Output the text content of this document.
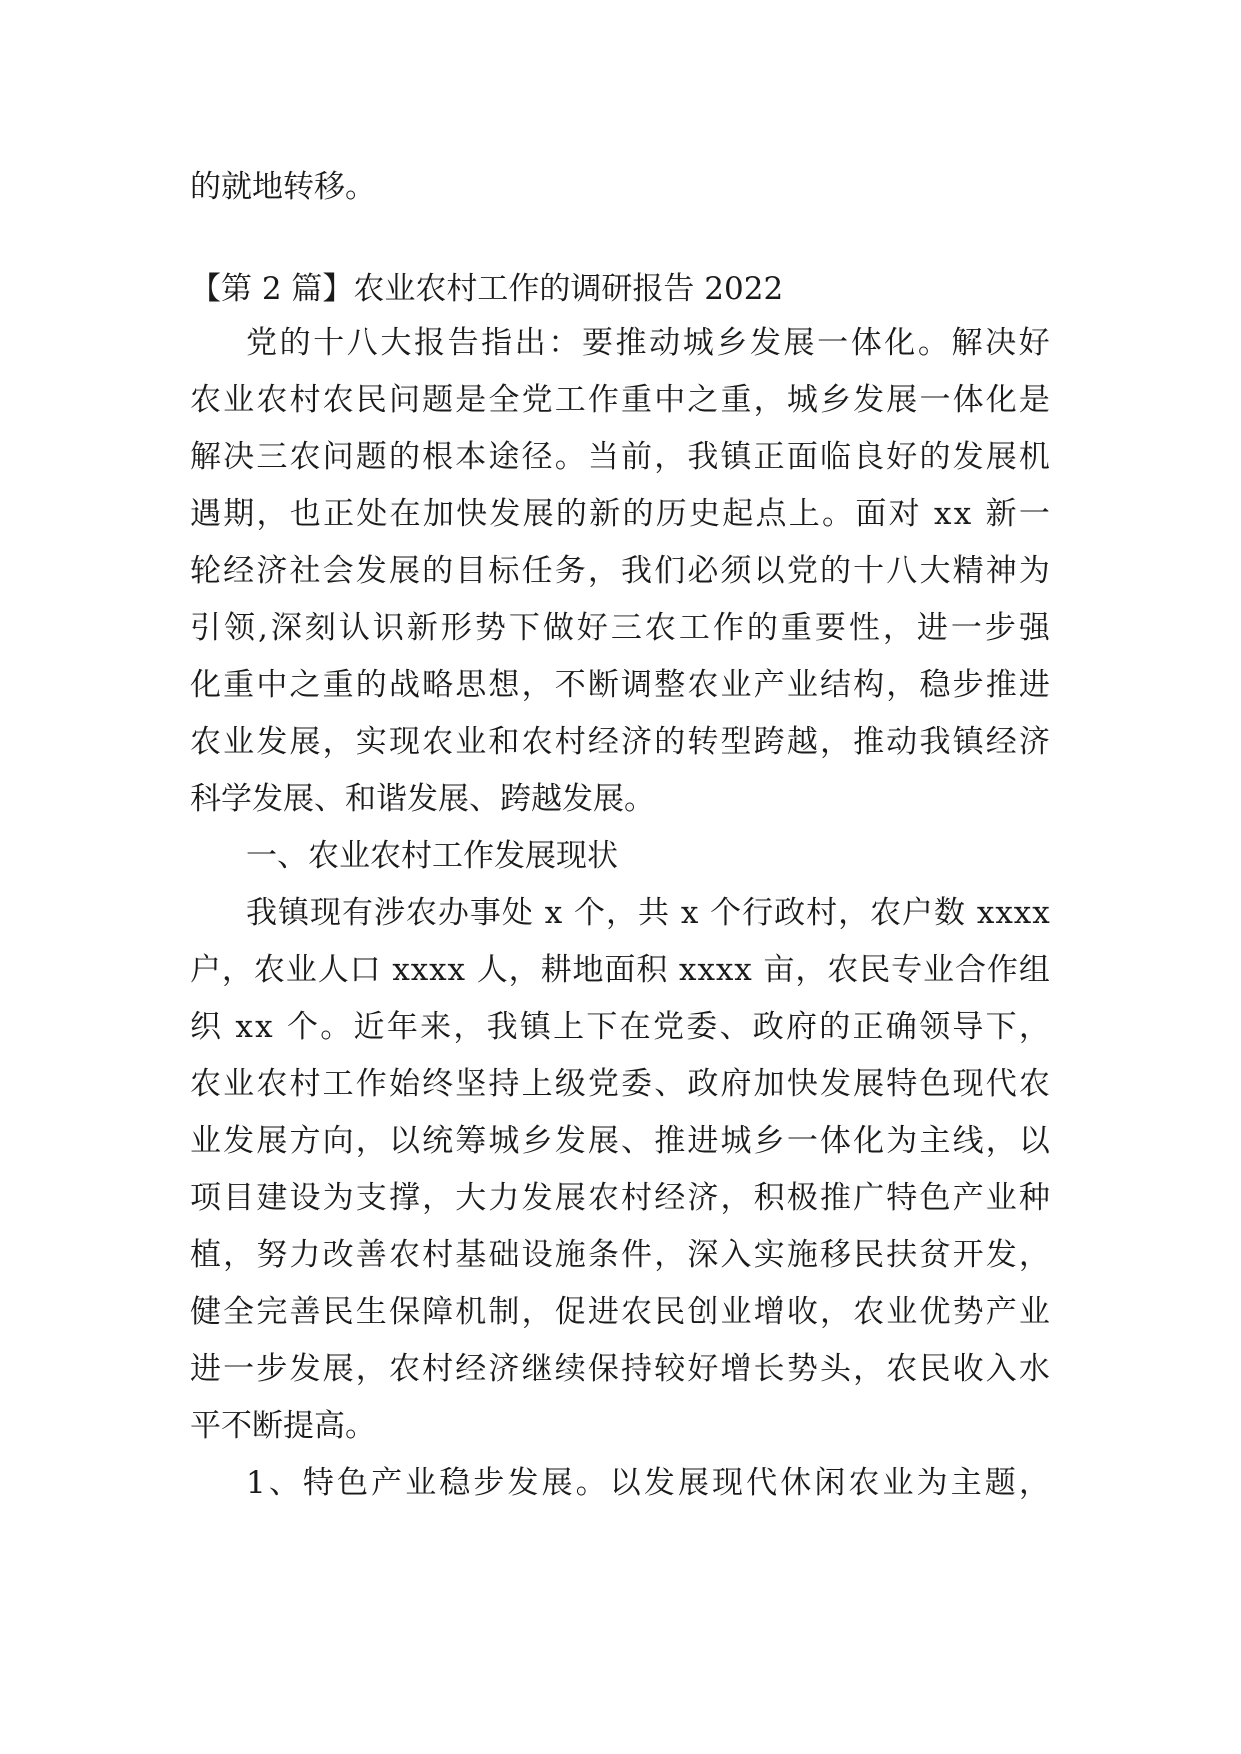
的就地转移。

【第 2 篇】农业农村工作的调研报告 2022

党 的 十 八 大 报 告 指 出 ： 要 推 动 城 乡 发 展 一 体 化 。 解 决 好

农 业 农 村 农 民 问 题 是 全 党 工 作 重 中 之 重 ， 城 乡 发 展 一 体 化 是

解 决 三 农 问 题 的 根 本 途 径 。 当 前 ， 我 镇 正 面 临 良 好 的 发 展 机

遇 期 ， 也 正 处 在 加 快 发 展 的 新 的 历 史 起 点 上 。 面 对
x x
新 一

轮 经 济 社 会 发 展 的 目 标 任 务 ， 我 们 必 须 以 党 的 十 八 大 精 神 为

引 领 , 深 刻 认 识 新 形 势 下 做 好 三 农 工 作 的 重 要 性 ， 进 一 步 强

化 重 中 之 重 的 战 略 思 想 ， 不 断 调 整 农 业 产 业 结 构 ， 稳 步 推 进

农 业 发 展 ， 实 现 农 业 和 农 村 经 济 的 转 型 跨 越 ， 推 动 我 镇 经 济

科学发展、和谐发展、跨越发展。

一、农业农村工作发展现状

我 镇 现 有 涉 农 办 事 处
x
个 ， 共
x
个 行 政 村 ， 农 户 数
x x x x

户 ， 农 业 人 口
x x x x
人 ， 耕 地 面 积
x x x x
亩 ， 农 民 专 业 合 作 组

织
x x
个 。 近 年 来 ， 我 镇 上 下 在 党 委 、 政 府 的 正 确 领 导 下 ，

农 业 农 村 工 作 始 终 坚 持 上 级 党 委 、 政 府 加 快 发 展 特 色 现 代 农

业 发 展 方 向 ， 以 统 筹 城 乡 发 展 、 推 进 城 乡 一 体 化 为 主 线 ， 以

项 目 建 设 为 支 撑 ， 大 力 发 展 农 村 经 济 ， 积 极 推 广 特 色 产 业 种

植 ， 努 力 改 善 农 村 基 础 设 施 条 件 ， 深 入 实 施 移 民 扶 贫 开 发 ，

健 全 完 善 民 生 保 障 机 制 ， 促 进 农 民 创 业 增 收 ， 农 业 优 势 产 业

进 一 步 发 展 ， 农 村 经 济 继 续 保 持 较 好 增 长 势 头 ， 农 民 收 入 水

平不断提高。

1 、 特 色 产 业 稳 步 发 展 。 以 发 展 现 代 休 闲 农 业 为 主 题 ，
